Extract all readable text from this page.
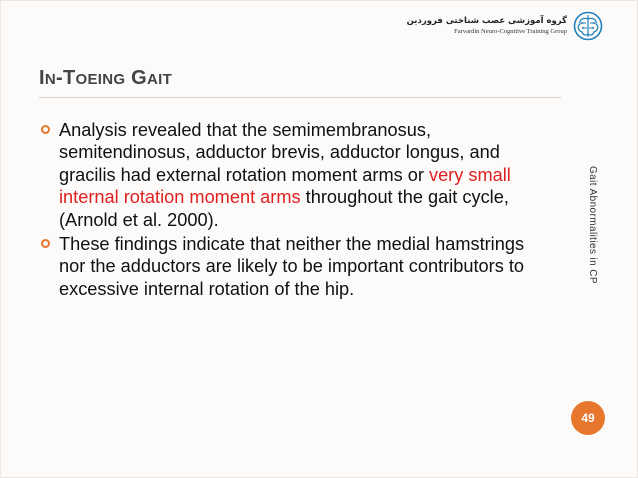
گروه آموزشی عصب شناختی فروردین
Farvardin Neuro-Cognitive Training Group
IN-TOEING GAIT
Analysis revealed that the semimembranosus, semitendinosus, adductor brevis, adductor longus, and gracilis had external rotation moment arms or very small internal rotation moment arms throughout the gait cycle, (Arnold et al. 2000).
These findings indicate that neither the medial hamstrings nor the adductors are likely to be important contributors to excessive internal rotation of the hip.
Gait Abnormalities in CP
49
